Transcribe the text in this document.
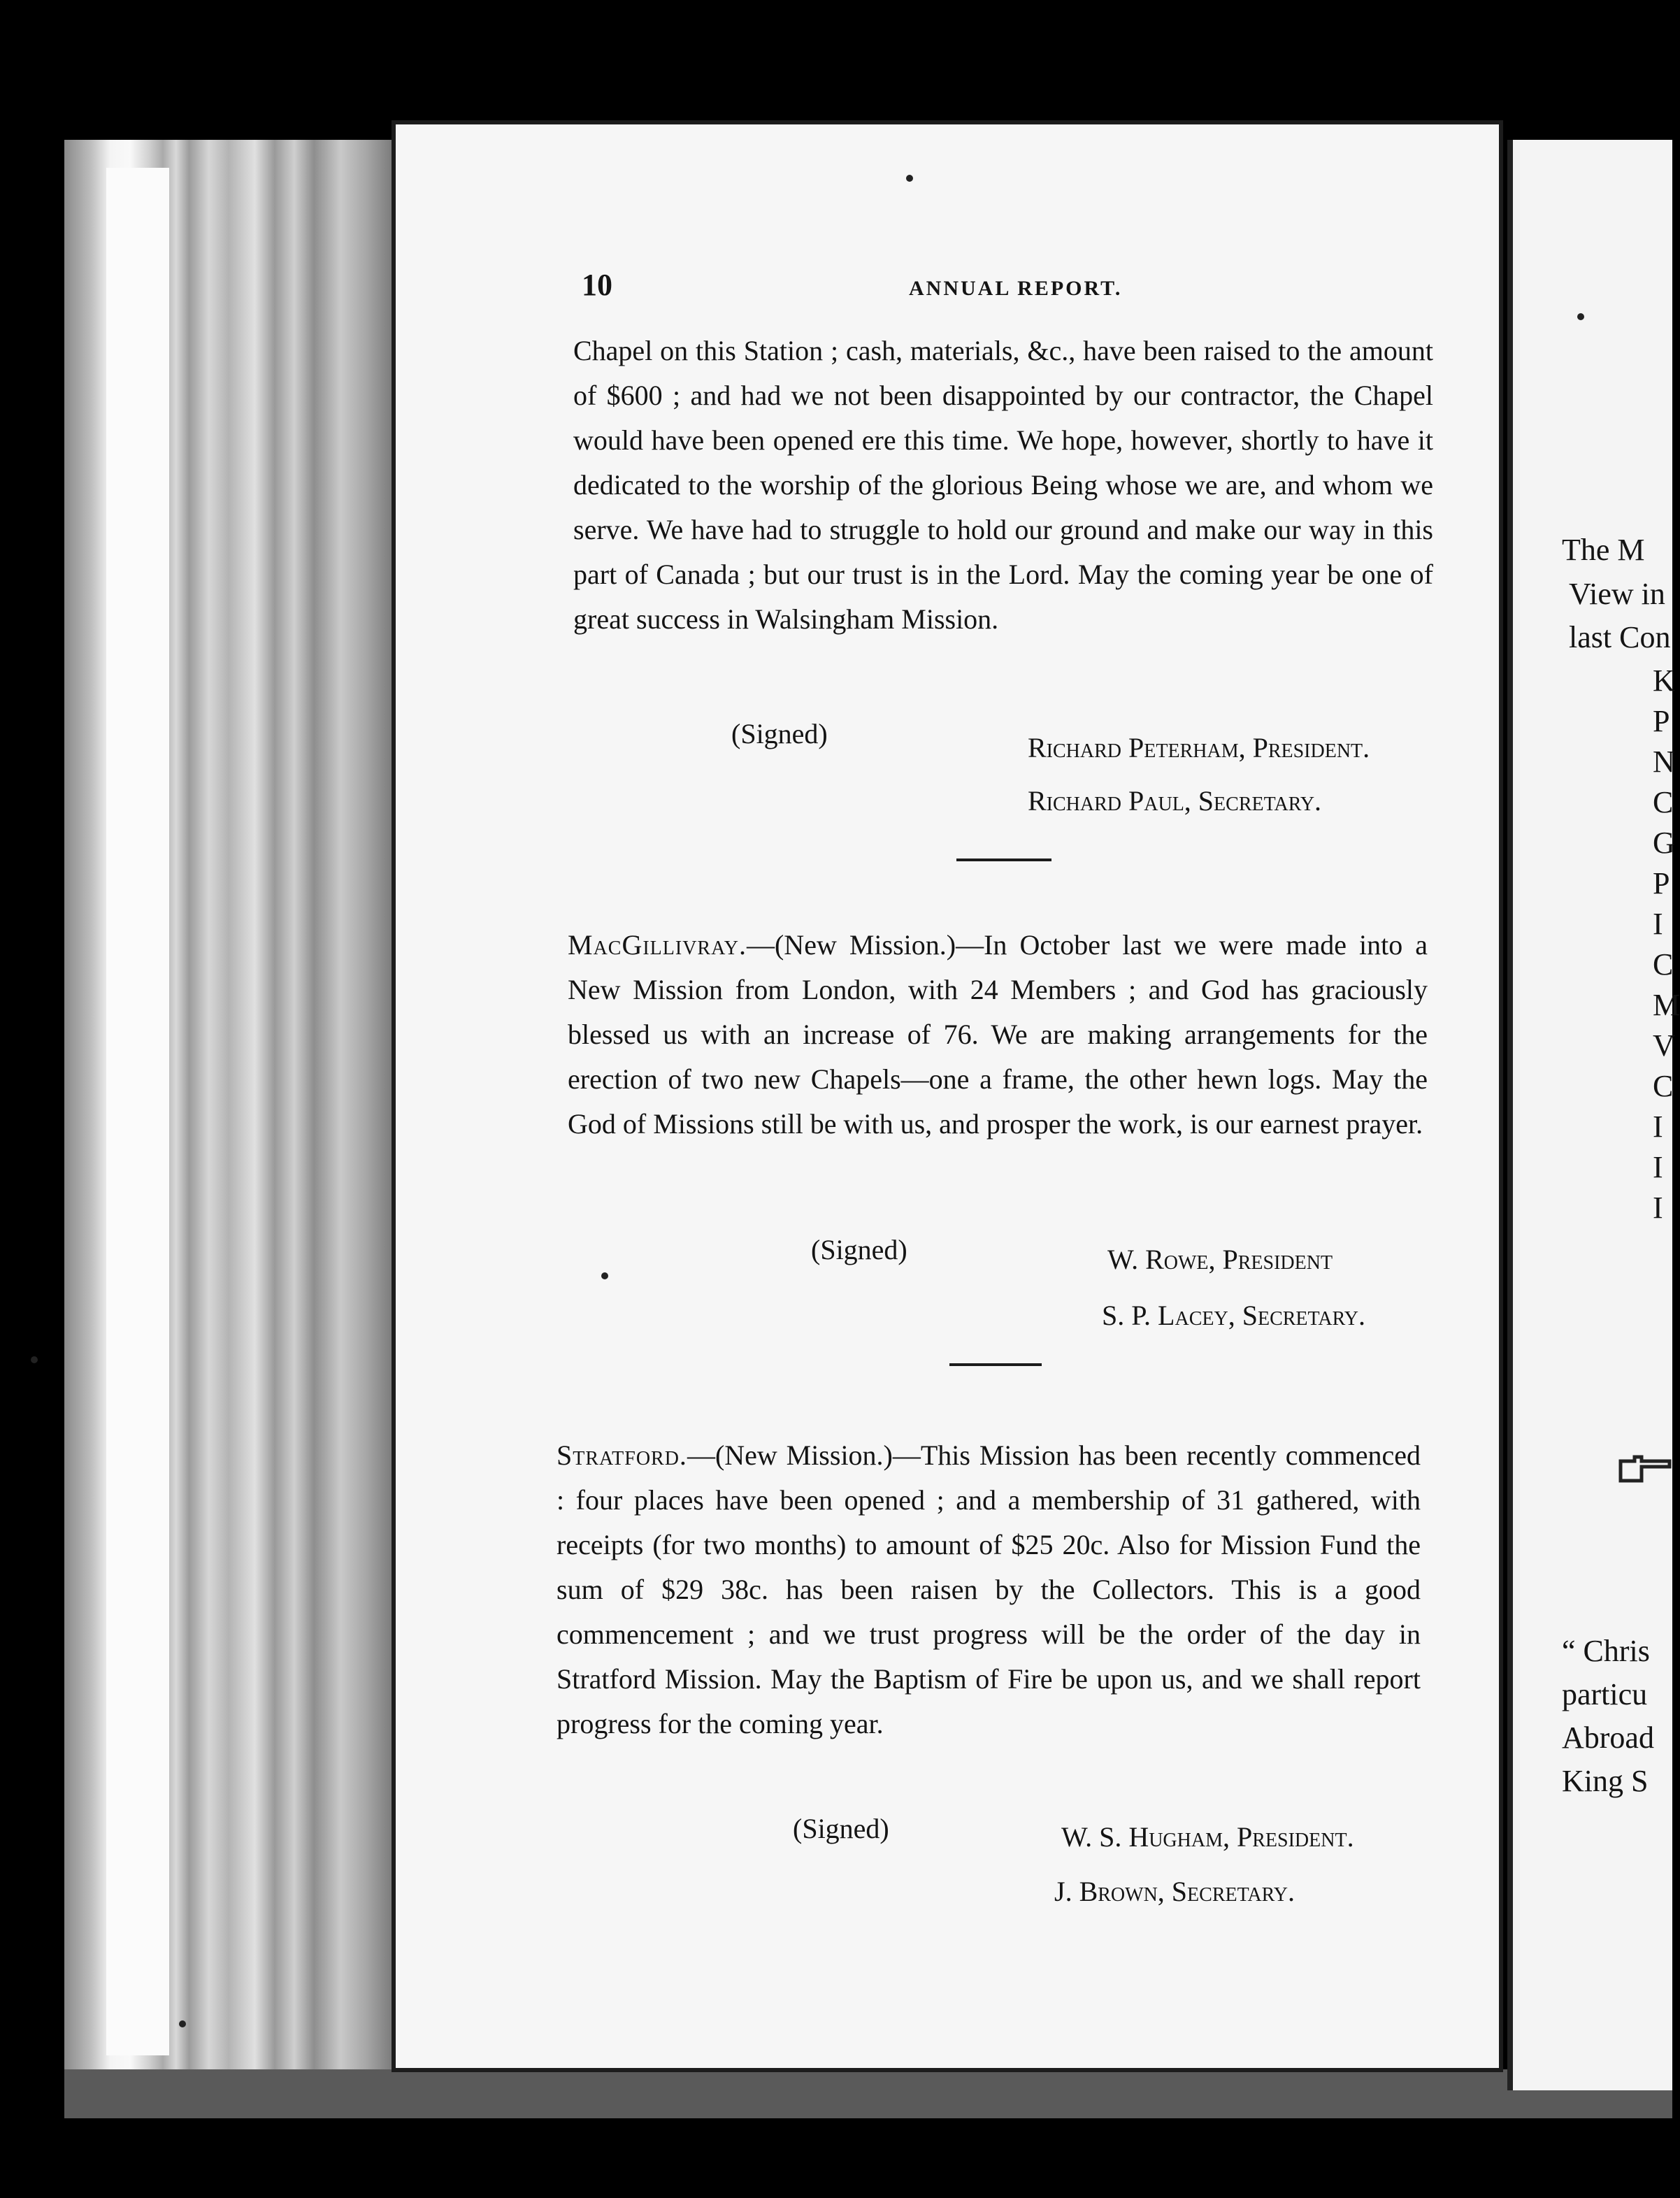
The M
View in
last Con
K
P
N
C
G
P
I
C
M
V
C
I
I
I
“ Chris
particu
Abroad
King S
10	ANNUAL REPORT.
Chapel on this Station ; cash, materials, &c., have been raised to the amount of $600 ; and had we not been disappointed by our contractor, the Chapel would have been opened ere this time. We hope, however, shortly to have it dedicated to the worship of the glorious Being whose we are, and whom we serve. We have had to struggle to hold our ground and make our way in this part of Canada ; but our trust is in the Lord. May the coming year be one of great success in Walsingham Mission.
(Signed)	Richard Peterham, President.
Richard Paul, Secretary.
MacGillivray.—(New Mission.)—In October last we were made into a New Mission from London, with 24 Members ; and God has graciously blessed us with an increase of 76. We are making arrangements for the erection of two new Chapels—one a frame, the other hewn logs. May the God of Missions still be with us, and prosper the work, is our earnest prayer.
(Signed)	W. Rowe, President
S. P. Lacey, Secretary.
Stratford.—(New Mission.)—This Mission has been recently commenced : four places have been opened ; and a membership of 31 gathered, with receipts (for two months) to amount of $25 20c. Also for Mission Fund the sum of $29 38c. has been raisen by the Collectors. This is a good commencement ; and we trust progress will be the order of the day in Stratford Mission. May the Baptism of Fire be upon us, and we shall report progress for the coming year.
(Signed)	W. S. Hugham, President.
J. Brown, Secretary.
